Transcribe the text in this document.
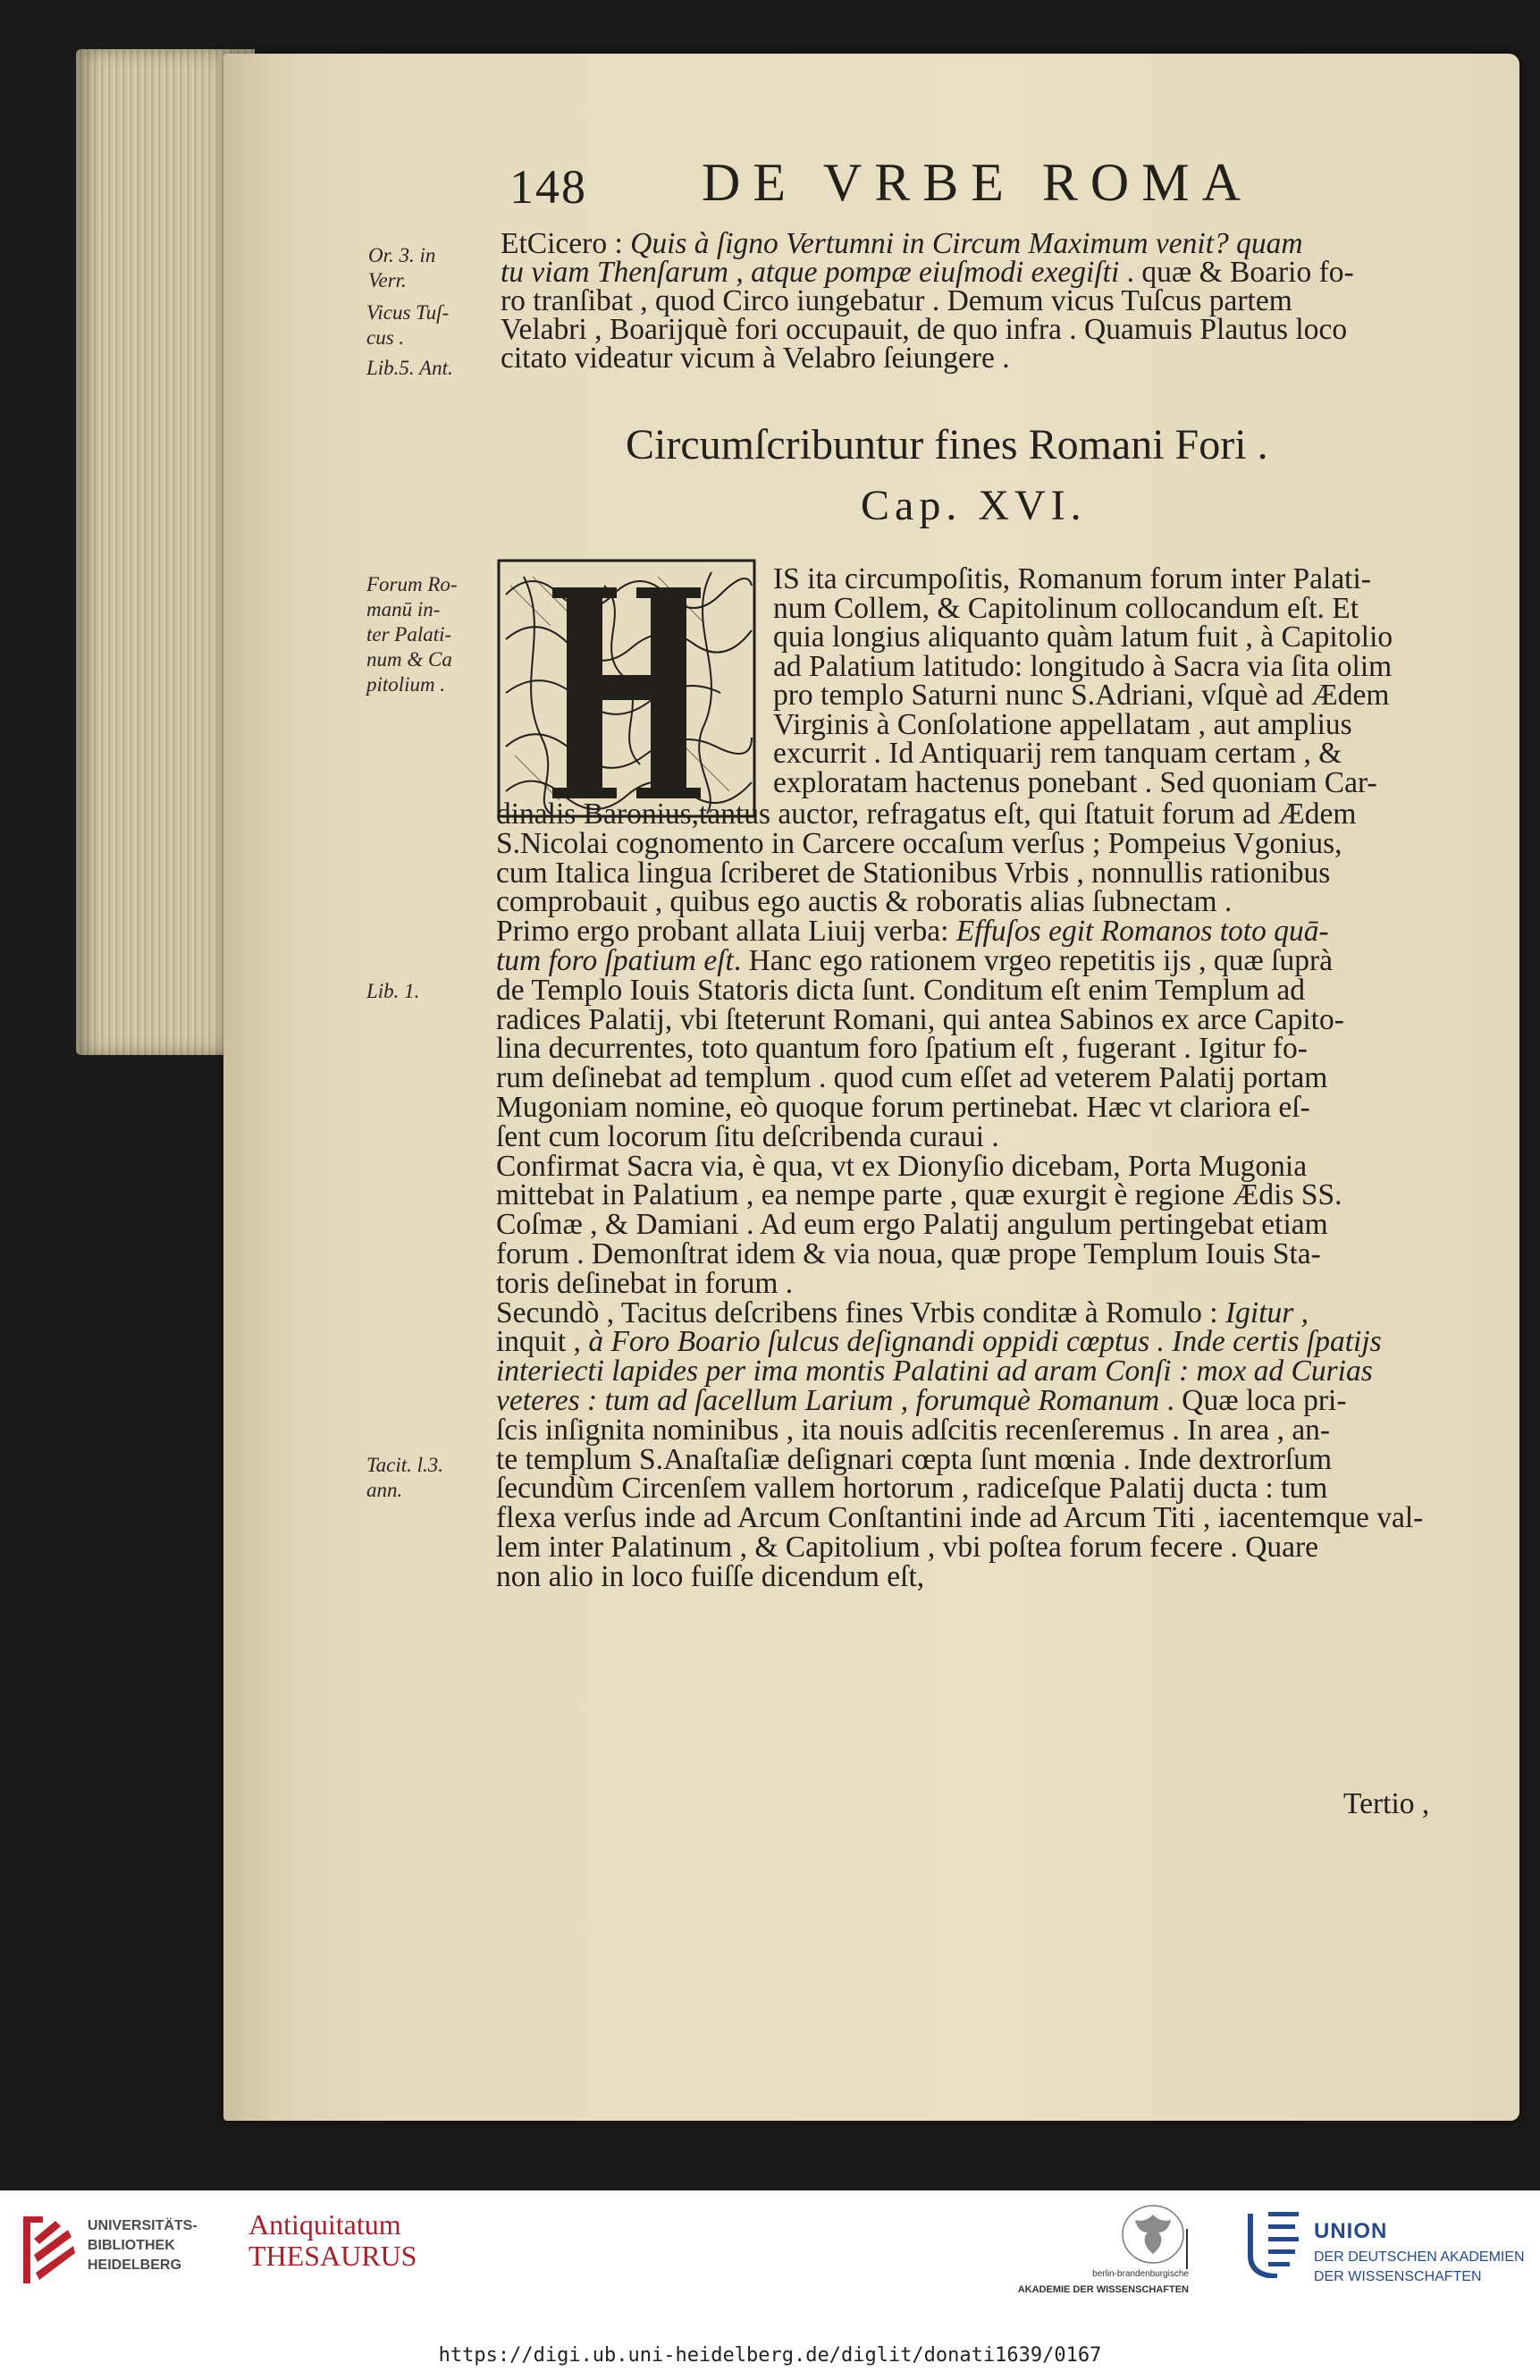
148 DE VRBE ROMA
EtCicero : Quis à ſigno Vertumni in Circum Maximum venit? quam
tu viam Thenſarum , atque pompæ eiuſmodi exegiſti . quæ & Boario fo-
ro tranſibat , quod Circo iungebatur . Demum vicus Tuſcus partem
Velabri , Boarijquè fori occupauit, de quo infra . Quamuis Plautus loco
citato videatur vicum à Velabro ſeiungere .
Circumſcribuntur fines Romani Fori .
Cap. XVI.
IS ita circumpoſitis, Romanum forum inter Palati-
num Collem, & Capitolinum collocandum eſt. Et
quia longius aliquanto quàm latum fuit , à Capitolio
ad Palatium latitudo: longitudo à Sacra via ſita olim
pro templo Saturni nunc S.Adriani, vſquè ad Ædem
Virginis à Conſolatione appellatam , aut amplius
excurrit . Id Antiquarij rem tanquam certam , &
exploratam hactenus ponebant . Sed quoniam Car-
dinalis Baronius,tantus auctor, refragatus eſt, qui ſtatuit forum ad Ædem
S.Nicolai cognomento in Carcere occaſum verſus ; Pompeius Vgonius,
cum Italica lingua ſcriberet de Stationibus Vrbis , nonnullis rationibus
comprobauit , quibus ego auctis & roboratis alias ſubnectam .
Primo ergo probant allata Liuij verba: Effuſos egit Romanos toto quā-
tum foro ſpatium eſt. Hanc ego rationem vrgeo repetitis ijs , quæ ſuprà
de Templo Iouis Statoris dicta ſunt. Conditum eſt enim Templum ad
radices Palatij, vbi ſteterunt Romani, qui antea Sabinos ex arce Capito-
lina decurrentes, toto quantum foro ſpatium eſt , fugerant . Igitur fo-
rum deſinebat ad templum . quod cum eſſet ad veterem Palatij portam
Mugoniam nomine, eò quoque forum pertinebat. Hæc vt clariora eſ-
ſent cum locorum ſitu deſcribenda curaui .
Confirmat Sacra via, è qua, vt ex Dionyſio dicebam, Porta Mugonia
mittebat in Palatium , ea nempe parte , quæ exurgit è regione Ædis SS.
Coſmæ , & Damiani . Ad eum ergo Palatij angulum pertingebat etiam
forum . Demonſtrat idem & via noua, quæ prope Templum Iouis Sta-
toris deſinebat in forum .
Secundò , Tacitus deſcribens fines Vrbis conditæ à Romulo : Igitur ,
inquit , à Foro Boario ſulcus deſignandi oppidi cœptus . Inde certis ſpatijs
interiecti lapides per ima montis Palatini ad aram Conſi : mox ad Curias
veteres : tum ad ſacellum Larium , forumquè Romanum . Quæ loca pri-
ſcis inſignita nominibus , ita nouis adſcitis recenſeremus . In area , an-
te templum S.Anaſtaſiæ deſignari cœpta ſunt mœnia . Inde dextrorſum
ſecundùm Circenſem vallem hortorum , radiceſque Palatij ducta : tum
flexa verſus inde ad Arcum Conſtantini inde ad Arcum Titi , iacentemque val-
lem inter Palatinum , & Capitolium , vbi poſtea forum fecere . Quare
non alio in loco fuiſſe dicendum eſt,
Tertio ,
Or. 3. in
Verr.
Vicus Tuſ-
cus .
Lib.5. Ant.
Forum Ro-
manū in-
ter Palati-
num & Ca
pitolium .
Lib. 1.
Tacit. l.3.
ann.
UNIVERSITÄTS-
BIBLIOTHEK
HEIDELBERG
Antiquitatum
THESAURUS
berlin-brandenburgische
AKADEMIE DER WISSENSCHAFTEN
UNION
DER DEUTSCHEN AKADEMIEN
DER WISSENSCHAFTEN
https://digi.ub.uni-heidelberg.de/diglit/donati1639/0167
